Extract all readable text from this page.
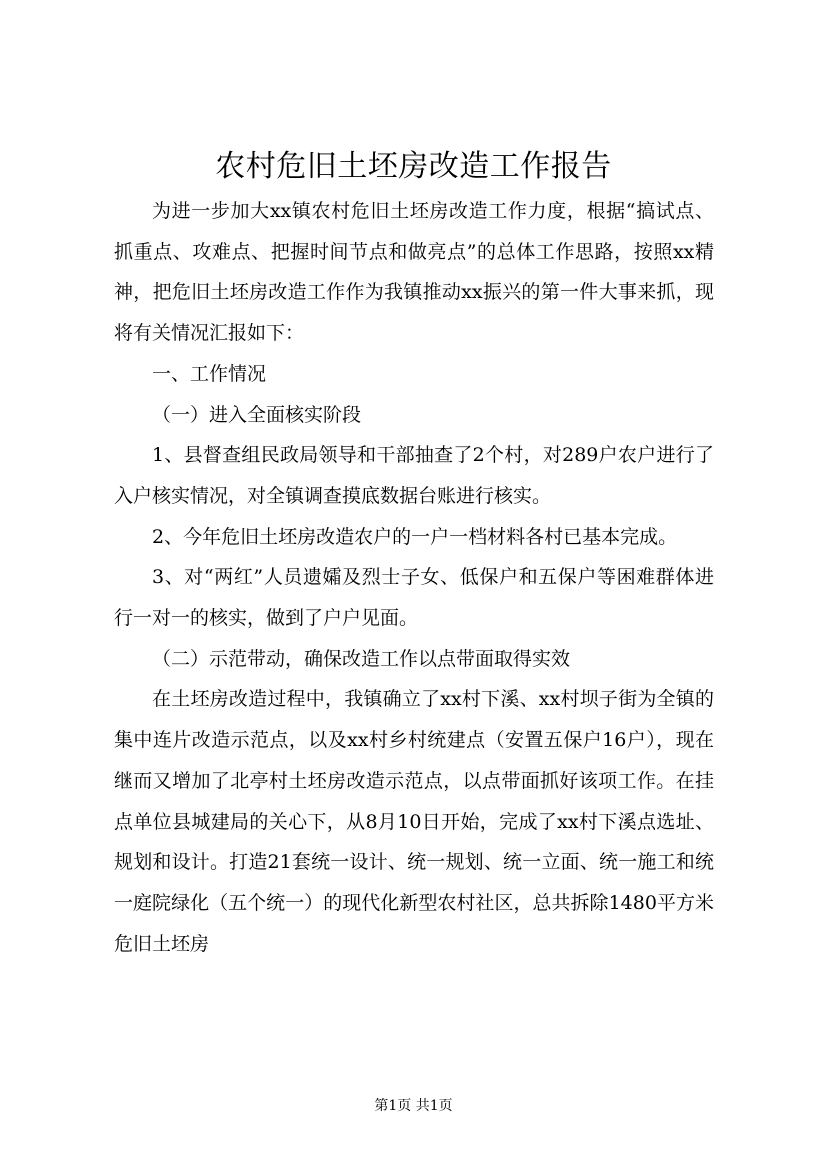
农村危旧土坯房改造工作报告

为进一步加大xx镇农村危旧土坯房改造工作力度，根据“搞试点、抓重点、攻难点、把握时间节点和做亮点”的总体工作思路，按照xx精神，把危旧土坯房改造工作作为我镇推动xx振兴的第一件大事来抓，现将有关情况汇报如下：

一、工作情况

（一）进入全面核实阶段

1、县督查组民政局领导和干部抽查了2个村，对289户农户进行了入户核实情况，对全镇调查摸底数据台账进行核实。

2、今年危旧土坯房改造农户的一户一档材料各村已基本完成。

3、对“两红”人员遗孀及烈士子女、低保户和五保户等困难群体进行一对一的核实，做到了户户见面。

（二）示范带动，确保改造工作以点带面取得实效

在土坯房改造过程中，我镇确立了xx村下溪、xx村坝子街为全镇的集中连片改造示范点，以及xx村乡村统建点（安置五保户16户），现在继而又增加了北亭村土坯房改造示范点，以点带面抓好该项工作。在挂点单位县城建局的关心下，从8月10日开始，完成了xx村下溪点选址、规划和设计。打造21套统一设计、统一规划、统一立面、统一施工和统一庭院绿化（五个统一）的现代化新型农村社区，总共拆除1480平方米危旧土坯房

第1页 共1页
